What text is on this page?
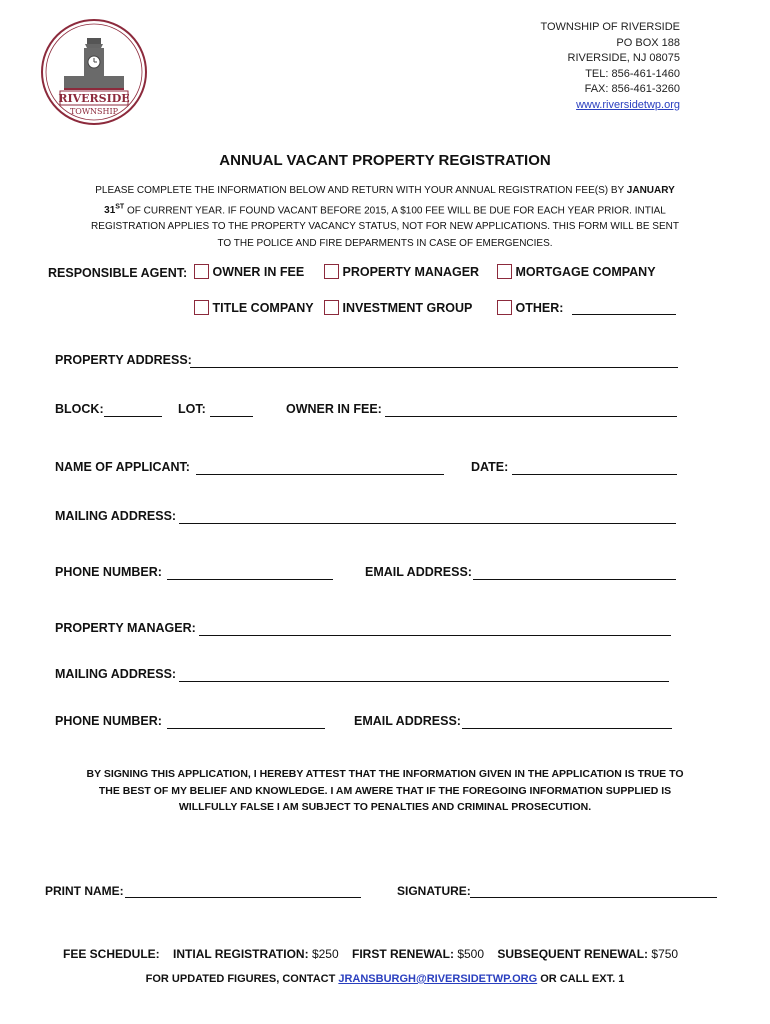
RIVERSIDE
TOWNSHIP
TOWNSHIP OF RIVERSIDE
PO BOX 188
RIVERSIDE, NJ 08075
TEL: 856-461-1460
FAX: 856-461-3260
www.riversidetwp.org
ANNUAL VACANT PROPERTY REGISTRATION
PLEASE COMPLETE THE INFORMATION BELOW AND RETURN WITH YOUR ANNUAL REGISTRATION FEE(S) BY JANUARY 31ST OF CURRENT YEAR. IF FOUND VACANT BEFORE 2015, A $100 FEE WILL BE DUE FOR EACH YEAR PRIOR. INTIAL REGISTRATION APPLIES TO THE PROPERTY VACANCY STATUS, NOT FOR NEW APPLICATIONS. THIS FORM WILL BE SENT TO THE POLICE AND FIRE DEPARMENTS IN CASE OF EMERGENCIES.
RESPONSIBLE AGENT:	OWNER IN FEE	PROPERTY MANAGER	MORTGAGE COMPANY
TITLE COMPANY	INVESTMENT GROUP	OTHER:
PROPERTY ADDRESS:
BLOCK:	LOT:	OWNER IN FEE:
NAME OF APPLICANT:	DATE:
MAILING ADDRESS:
PHONE NUMBER:	EMAIL ADDRESS:
PROPERTY MANAGER:
MAILING ADDRESS:
PHONE NUMBER:	EMAIL ADDRESS:
BY SIGNING THIS APPLICATION, I HEREBY ATTEST THAT THE INFORMATION GIVEN IN THE APPLICATION IS TRUE TO THE BEST OF MY BELIEF AND KNOWLEDGE. I AM AWERE THAT IF THE FOREGOING INFORMATION SUPPLIED IS WILLFULLY FALSE I AM SUBJECT TO PENALTIES AND CRIMINAL PROSECUTION.
PRINT NAME:	SIGNATURE:
FEE SCHEDULE: INTIAL REGISTRATION: $250 FIRST RENEWAL: $500 SUBSEQUENT RENEWAL: $750
FOR UPDATED FIGURES, CONTACT JRANSBURGH@RIVERSIDETWP.ORG OR CALL EXT. 1
